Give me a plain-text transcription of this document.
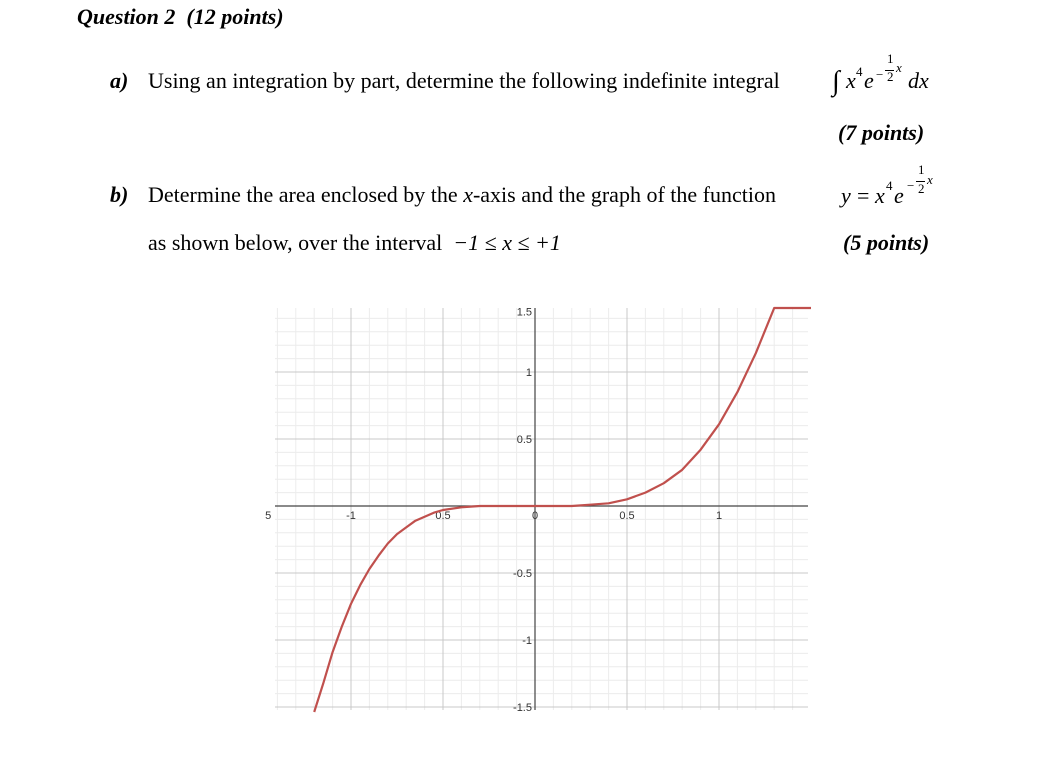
Question 2 (12 points)
a) Using an integration by part, determine the following indefinite integral ∫ x 4 e −
1
2
x
dx
(7 points)
b) Determine the area enclosed by the x-axis and the graph of the function	y = x 4 e −
1
2
x
as shown below, over the interval −1 ≤ x ≤ +1	(5 points)
5	-1	0.5	0	0.5	1
1.5
1
0.5
-0.5
-1
-1.5
